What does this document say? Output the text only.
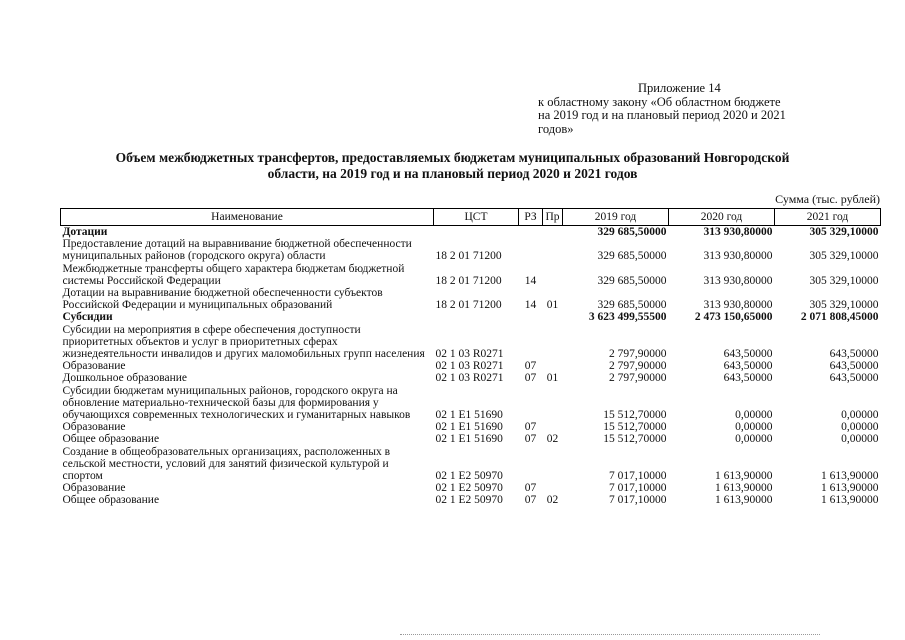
Приложение 14
к областному закону «Об областном бюджете
на 2019 год и на плановый период 2020 и 2021
годов»
Объем межбюджетных трансфертов, предоставляемых бюджетам муниципальных образований Новгородской
области, на 2019 год и на плановый период 2020 и 2021 годов
Сумма (тыс. рублей)
Наименование	ЦСТ	РЗ	Пр	2019 год	2020 год	2021 год
Дотации				329 685,50000	313 930,80000	305 329,10000
Предоставление дотаций на выравнивание бюджетной обеспеченности муниципальных районов (городского округа) области	18 2 01 71200			329 685,50000	313 930,80000	305 329,10000
Межбюджетные трансферты общего характера бюджетам бюджетной системы Российской Федерации	18 2 01 71200	14		329 685,50000	313 930,80000	305 329,10000
Дотации на выравнивание бюджетной обеспеченности субъектов Российской Федерации и муниципальных образований	18 2 01 71200	14	01	329 685,50000	313 930,80000	305 329,10000
Субсидии				3 623 499,55500	2 473 150,65000	2 071 808,45000
Субсидии на мероприятия в сфере обеспечения доступности приоритетных объектов и услуг в приоритетных сферах жизнедеятельности инвалидов и других маломобильных групп населения	02 1 03 R0271			2 797,90000	643,50000	643,50000
Образование	02 1 03 R0271	07		2 797,90000	643,50000	643,50000
Дошкольное образование	02 1 03 R0271	07	01	2 797,90000	643,50000	643,50000
Субсидии бюджетам муниципальных районов, городского округа на обновление материально-технической базы для формирования у обучающихся современных технологических и гуманитарных навыков	02 1 E1 51690			15 512,70000	0,00000	0,00000
Образование	02 1 E1 51690	07		15 512,70000	0,00000	0,00000
Общее образование	02 1 E1 51690	07	02	15 512,70000	0,00000	0,00000
Создание в общеобразовательных организациях, расположенных в сельской местности, условий для занятий физической культурой и спортом	02 1 E2 50970			7 017,10000	1 613,90000	1 613,90000
Образование	02 1 E2 50970	07		7 017,10000	1 613,90000	1 613,90000
Общее образование	02 1 E2 50970	07	02	7 017,10000	1 613,90000	1 613,90000
